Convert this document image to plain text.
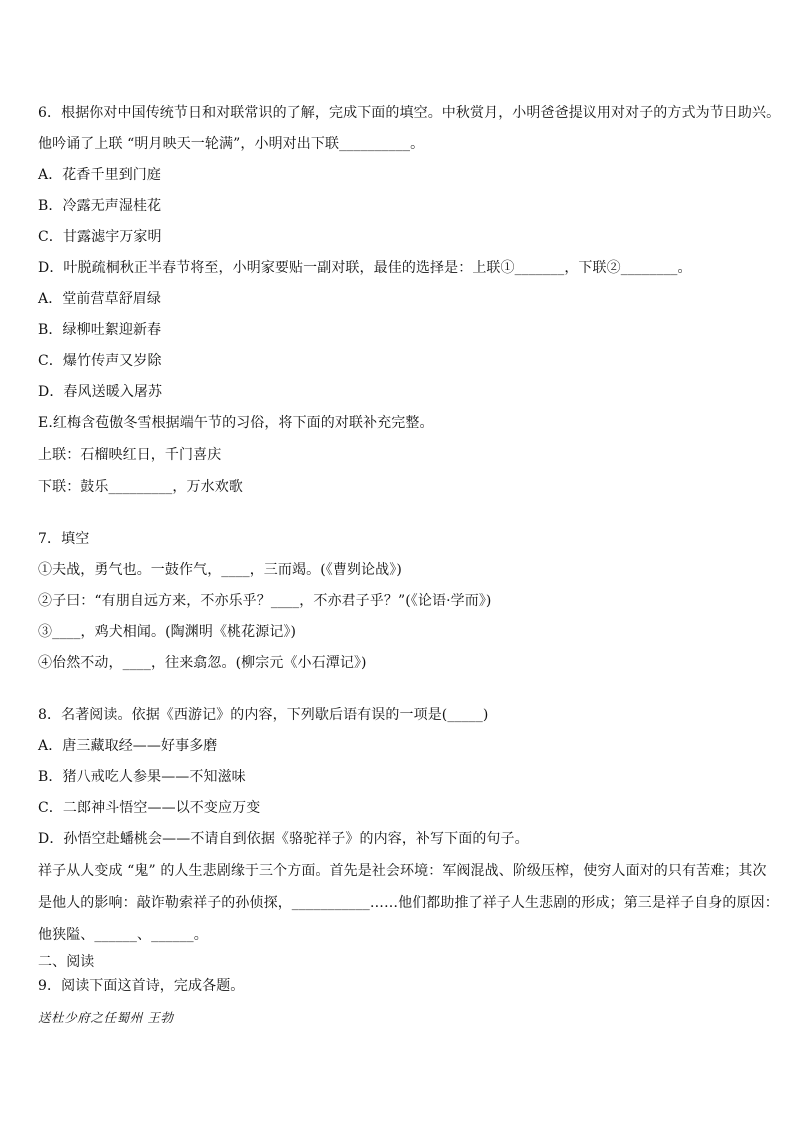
6．根据你对中国传统节日和对联常识的了解，完成下面的填空。中秋赏月，小明爸爸提议用对对子的方式为节日助兴。

他吟诵了上联 “明月映天一轮满”，小明对出下联__________。

A．花香千里到门庭

B．冷露无声湿桂花

C．甘露滤宇万家明

D．叶脱疏桐秋正半春节将至，小明家要贴一副对联，最佳的选择是：上联①_______，下联②________。

A．堂前营草舒眉绿

B．绿柳吐絮迎新春

C．爆竹传声又岁除

D．春风送暖入屠苏

E.红梅含苞傲冬雪根据端午节的习俗，将下面的对联补充完整。

上联：石榴映红日，千门喜庆

下联：鼓乐_________，万水欢歌

7．填空

①夫战，勇气也。一鼓作气，____，三而竭。(《曹刿论战》)

②子曰：“有朋自远方来，不亦乐乎？____，不亦君子乎？”(《论语·学而》)

③____，鸡犬相闻。(陶渊明《桃花源记》)

④佁然不动，____，往来翕忽。(柳宗元《小石潭记》)

8．名著阅读。依据《西游记》的内容，下列歇后语有误的一项是(_____)

A．唐三藏取经——好事多磨

B．猪八戒吃人参果——不知滋味

C．二郎神斗悟空——以不变应万变

D．孙悟空赴蟠桃会——不请自到依据《骆驼祥子》的内容，补写下面的句子。

祥子从人变成 “鬼” 的人生悲剧缘于三个方面。首先是社会环境：军阀混战、阶级压榨，使穷人面对的只有苦难；其次

是他人的影响：敲诈勒索祥子的孙侦探，___________……他们都助推了祥子人生悲剧的形成；第三是祥子自身的原因：

他狭隘、______、______。

二、阅读

9．阅读下面这首诗，完成各题。

送杜少府之任蜀州 王勃
